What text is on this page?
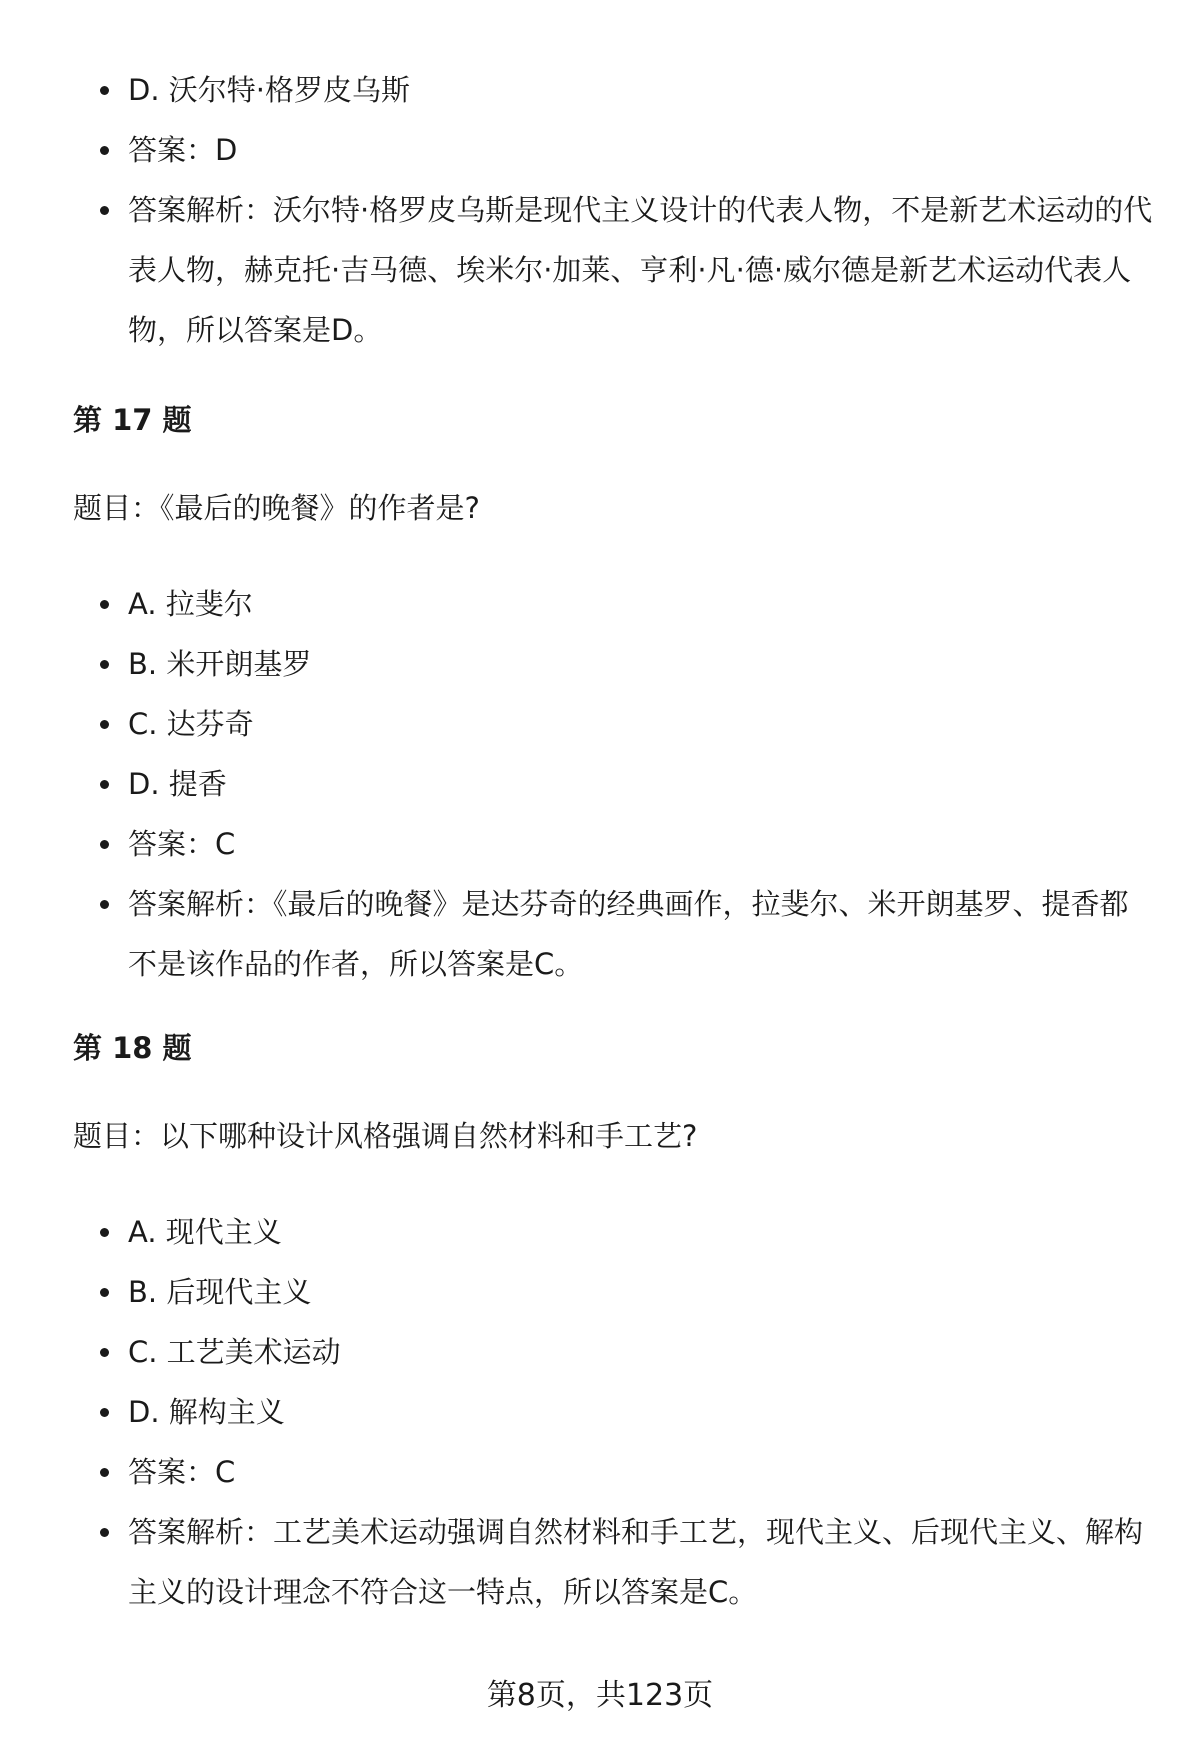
D. 沃尔特·格罗皮乌斯
答案：D
答案解析：沃尔特·格罗皮乌斯是现代主义设计的代表人物，不是新艺术运动的代表人物，赫克托·吉马德、埃米尔·加莱、亨利·凡·德·威尔德是新艺术运动代表人物，所以答案是D。
第 17 题

题目：《最后的晚餐》的作者是?

A. 拉斐尔
B. 米开朗基罗
C. 达芬奇
D. 提香
答案：C
答案解析：《最后的晚餐》是达芬奇的经典画作，拉斐尔、米开朗基罗、提香都不是该作品的作者，所以答案是C。
第 18 题

题目：以下哪种设计风格强调自然材料和手工艺?

A. 现代主义
B. 后现代主义
C. 工艺美术运动
D. 解构主义
答案：C
答案解析：工艺美术运动强调自然材料和手工艺，现代主义、后现代主义、解构主义的设计理念不符合这一特点，所以答案是C。
第8页，共123页
